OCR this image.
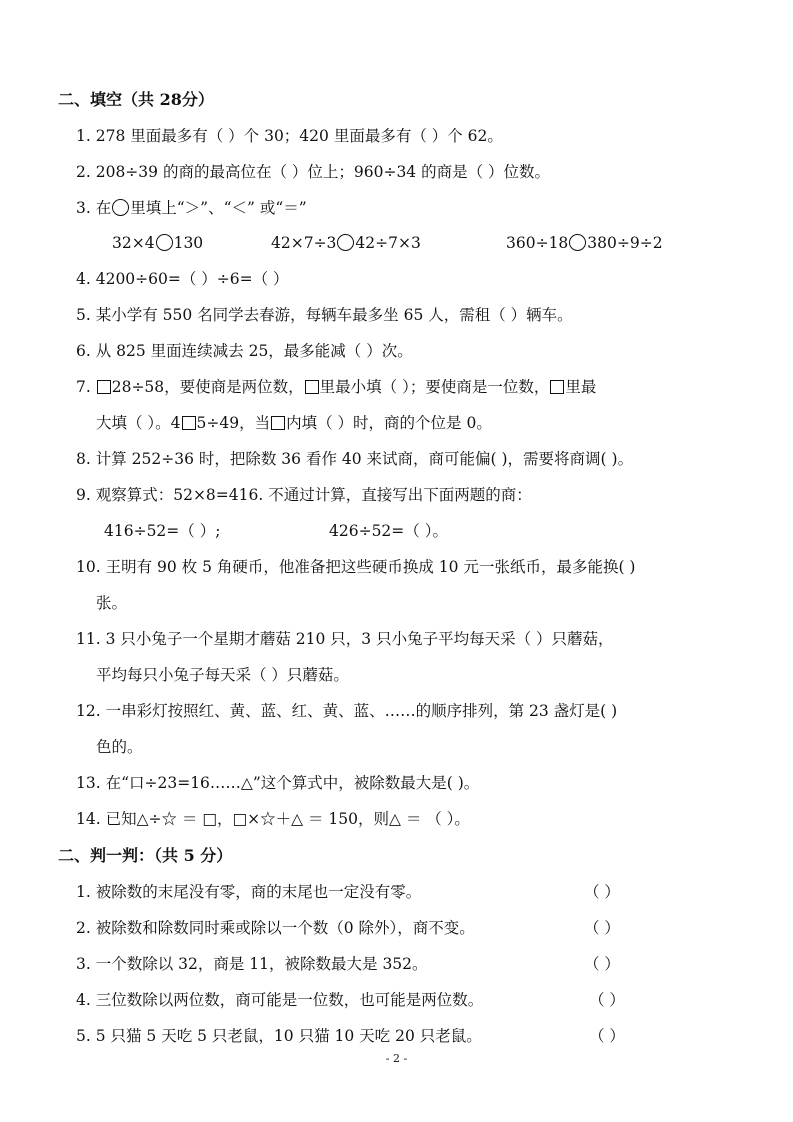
二、填空（共 28分）
1. 278 里面最多有（ ）个 30；420 里面最多有（ ）个 62。
2. 208÷39 的商的最高位在（ ）位上；960÷34 的商是（ ）位数。
3. 在 里填上“＞”、“＜” 或“＝”
32×4 130	42×7÷3 42÷7×3	360÷18 380÷9÷2
4. 4200÷60=（ ）÷6=（ ）
5. 某小学有 550 名同学去春游，每辆车最多坐 65 人，需租（ ）辆车。
6. 从 825 里面连续减去 25，最多能减（ ）次。
7. 28÷58，要使商是两位数， 里最小填（ ）；要使商是一位数， 里最
大填（ ）。4 5÷49，当 内填（ ）时，商的个位是 0。
8. 计算 252÷36 时，把除数 36 看作 40 来试商，商可能偏( )，需要将商调( )。
9. 观察算式：52×8=416. 不通过计算，直接写出下面两题的商：
416÷52=（ ）;	426÷52=（ ）。
10. 王明有 90 枚 5 角硬币，他准备把这些硬币换成 10 元一张纸币，最多能换( )
张。
11. 3 只小兔子一个星期才蘑菇 210 只，3 只小兔子平均每天采（ ）只蘑菇，
平均每只小兔子每天采（ ）只蘑菇。
12. 一串彩灯按照红、黄、蓝、红、黄、蓝、……的顺序排列，第 23 盏灯是( )
色的。
13. 在“口÷23=16……△”这个算式中，被除数最大是( )。
14. 已知△÷☆ ＝ □，□×☆＋△ ＝ 150，则△ ＝ （ ）。
二、判一判：（共 5 分）
1. 被除数的末尾没有零，商的末尾也一定没有零。	（ ）
2. 被除数和除数同时乘或除以一个数（0 除外），商不变。	（ ）
3. 一个数除以 32，商是 11，被除数最大是 352。	（ ）
4. 三位数除以两位数，商可能是一位数，也可能是两位数。	（ ）
5. 5 只猫 5 天吃 5 只老鼠，10 只猫 10 天吃 20 只老鼠。	（ ）
- 2 -
